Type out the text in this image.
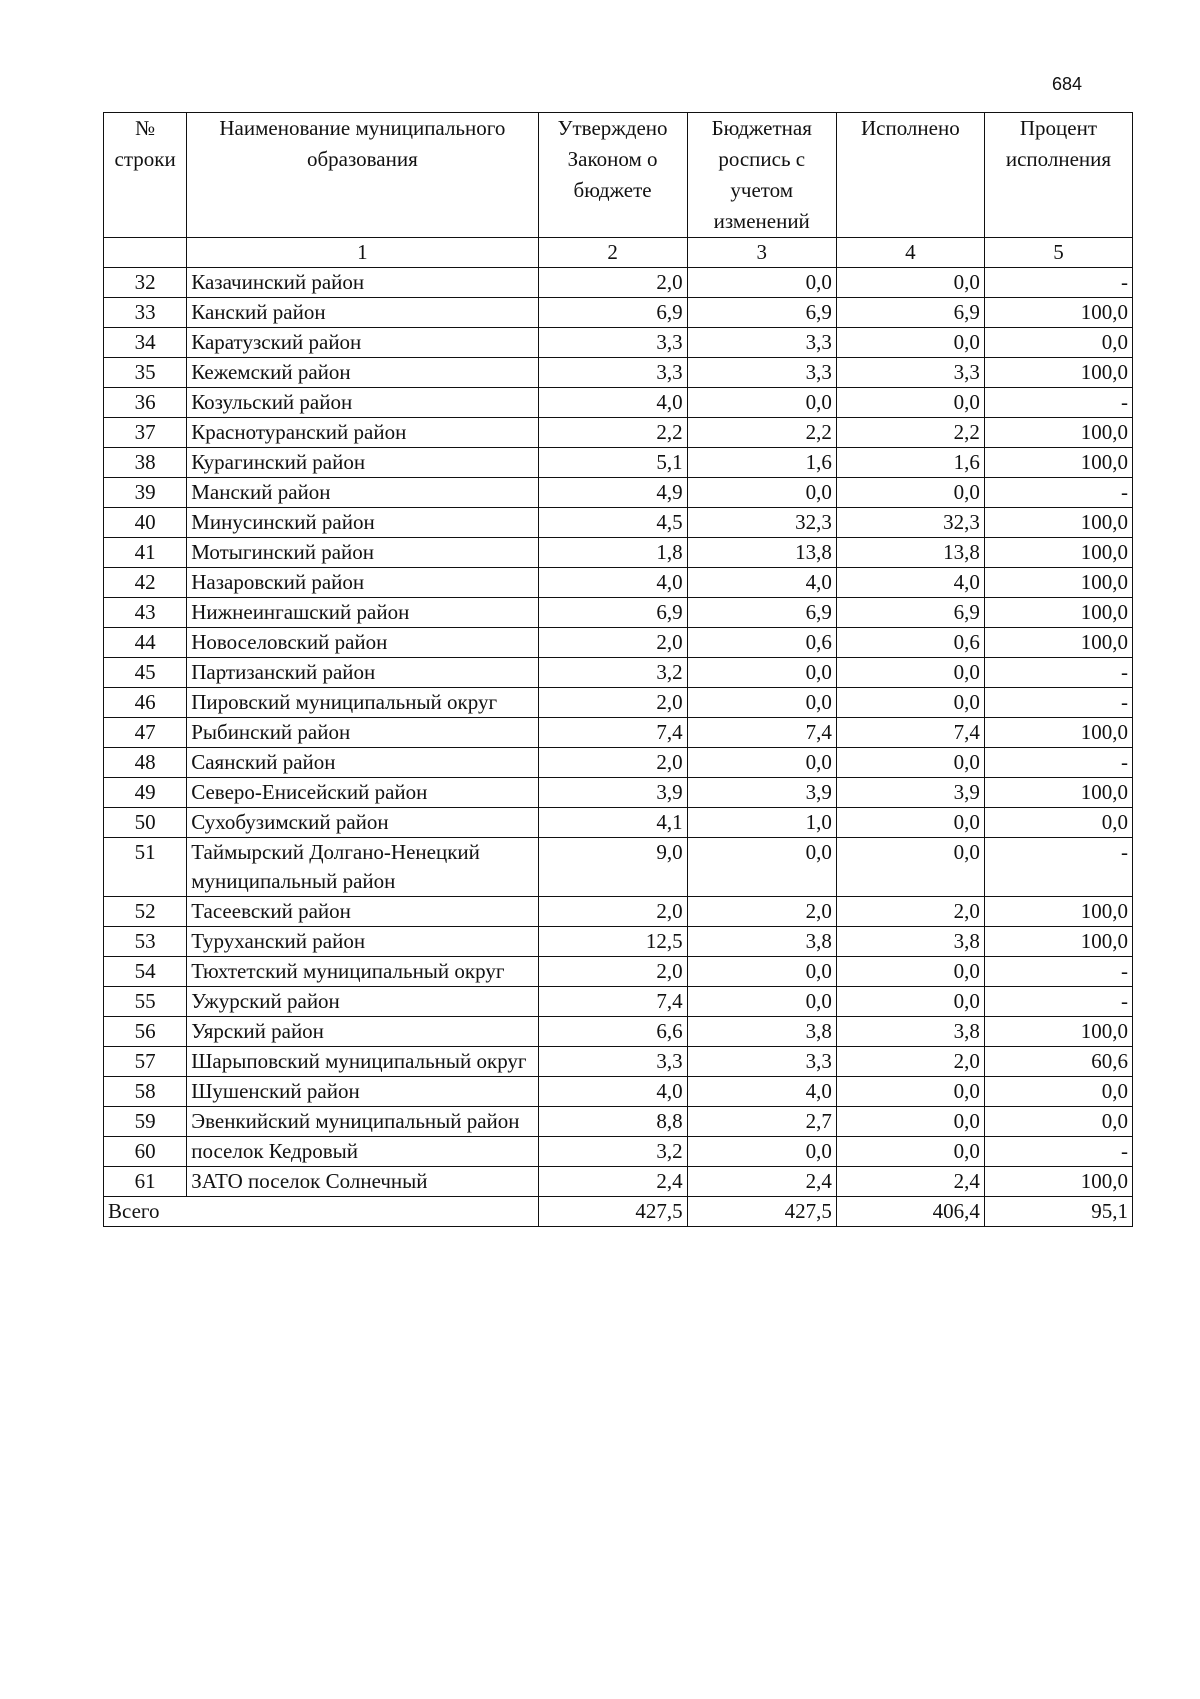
684
№ строки	Наименование муниципального образования	Утверждено Законом о бюджете	Бюджетная роспись с учетом изменений	Исполнено	Процент исполнения
	1	2	3	4	5
32	Казачинский район	2,0	0,0	0,0	-
33	Канский район	6,9	6,9	6,9	100,0
34	Каратузский район	3,3	3,3	0,0	0,0
35	Кежемский район	3,3	3,3	3,3	100,0
36	Козульский район	4,0	0,0	0,0	-
37	Краснотуранский район	2,2	2,2	2,2	100,0
38	Курагинский район	5,1	1,6	1,6	100,0
39	Манский район	4,9	0,0	0,0	-
40	Минусинский район	4,5	32,3	32,3	100,0
41	Мотыгинский район	1,8	13,8	13,8	100,0
42	Назаровский район	4,0	4,0	4,0	100,0
43	Нижнеингашский район	6,9	6,9	6,9	100,0
44	Новоселовский район	2,0	0,6	0,6	100,0
45	Партизанский район	3,2	0,0	0,0	-
46	Пировский муниципальный округ	2,0	0,0	0,0	-
47	Рыбинский район	7,4	7,4	7,4	100,0
48	Саянский район	2,0	0,0	0,0	-
49	Северо-Енисейский район	3,9	3,9	3,9	100,0
50	Сухобузимский район	4,1	1,0	0,0	0,0
51	Таймырский Долгано-Ненецкий муниципальный район	9,0	0,0	0,0	-
52	Тасеевский район	2,0	2,0	2,0	100,0
53	Туруханский район	12,5	3,8	3,8	100,0
54	Тюхтетский муниципальный округ	2,0	0,0	0,0	-
55	Ужурский район	7,4	0,0	0,0	-
56	Уярский район	6,6	3,8	3,8	100,0
57	Шарыповский муниципальный округ	3,3	3,3	2,0	60,6
58	Шушенский район	4,0	4,0	0,0	0,0
59	Эвенкийский муниципальный район	8,8	2,7	0,0	0,0
60	поселок Кедровый	3,2	0,0	0,0	-
61	ЗАТО поселок Солнечный	2,4	2,4	2,4	100,0
Всего		427,5	427,5	406,4	95,1
